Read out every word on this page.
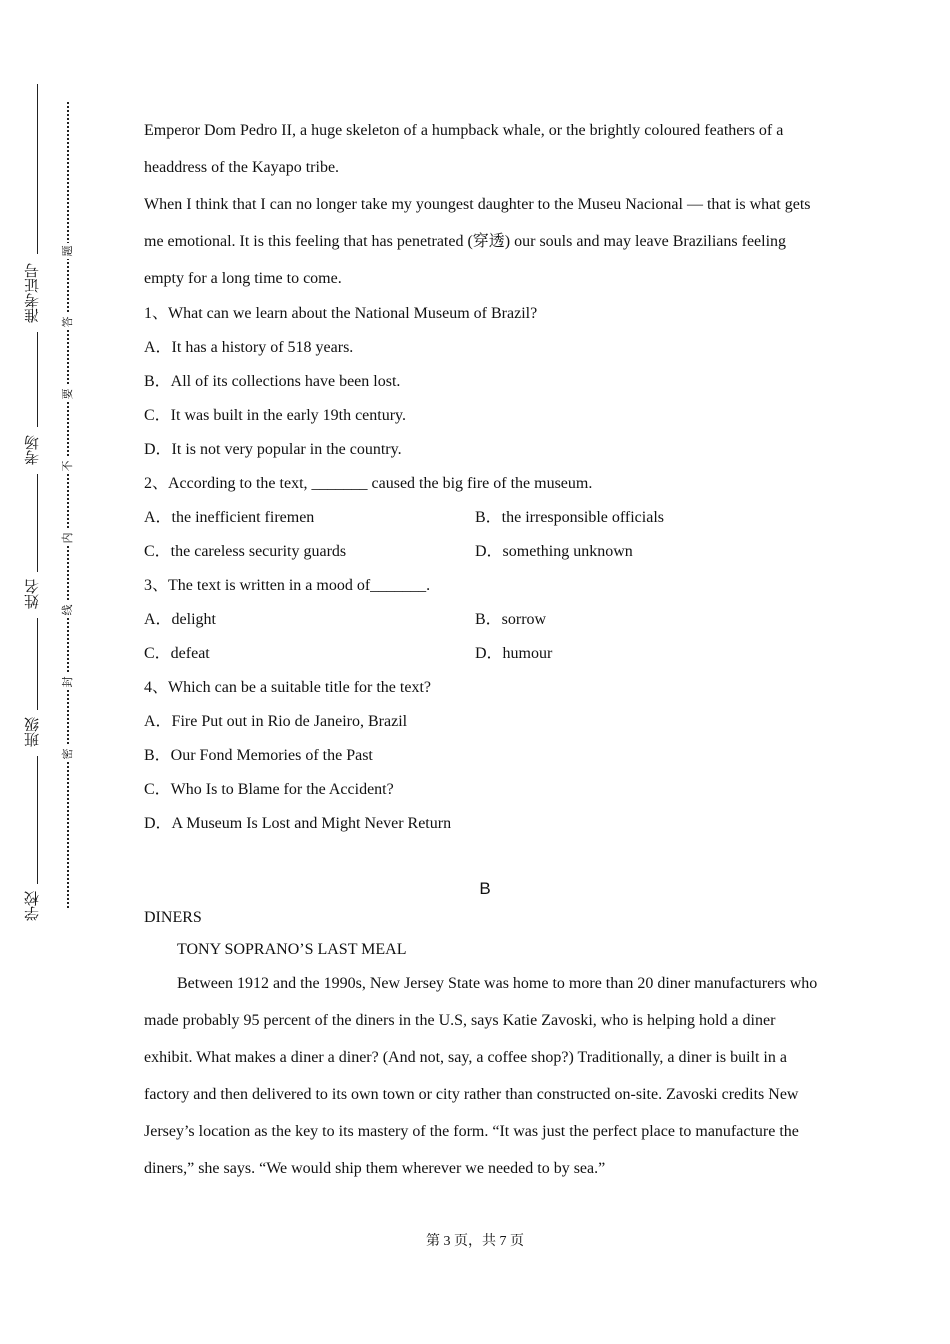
准考证号
考场
姓名
班级
学校
题
答
要
不
内
线
封
密

Emperor Dom Pedro II, a huge skeleton of a humpback whale, or the brightly coloured feathers of a headdress of the Kayapo tribe.

When I think that I can no longer take my youngest daughter to the Museu Nacional — that is what gets me emotional. It is this feeling that has penetrated (穿透) our souls and may leave Brazilians feeling empty for a long time to come.

1、What can we learn about the National Museum of Brazil?
A．It has a history of 518 years.
B．All of its collections have been lost.
C．It was built in the early 19th century.
D．It is not very popular in the country.
2、According to the text, _______ caused the big fire of the museum.
A．the inefficient firemen	B．the irresponsible officials
C．the careless security guards	D．something unknown
3、The text is written in a mood of_______.
A．delight	B．sorrow
C．defeat	D．humour
4、Which can be a suitable title for the text?
A．Fire Put out in Rio de Janeiro, Brazil
B．Our Fond Memories of the Past
C．Who Is to Blame for the Accident?
D．A Museum Is Lost and Might Never Return
B
DINERS
TONY SOPRANO’S LAST MEAL

Between 1912 and the 1990s, New Jersey State was home to more than 20 diner manufacturers who made probably 95 percent of the diners in the U.S, says Katie Zavoski, who is helping hold a diner exhibit. What makes a diner a diner? (And not, say, a coffee shop?) Traditionally, a diner is built in a factory and then delivered to its own town or city rather than constructed on-site. Zavoski credits New Jersey’s location as the key to its mastery of the form. “It was just the perfect place to manufacture the diners,” she says. “We would ship them wherever we needed to by sea.”

第 3 页，共 7 页
